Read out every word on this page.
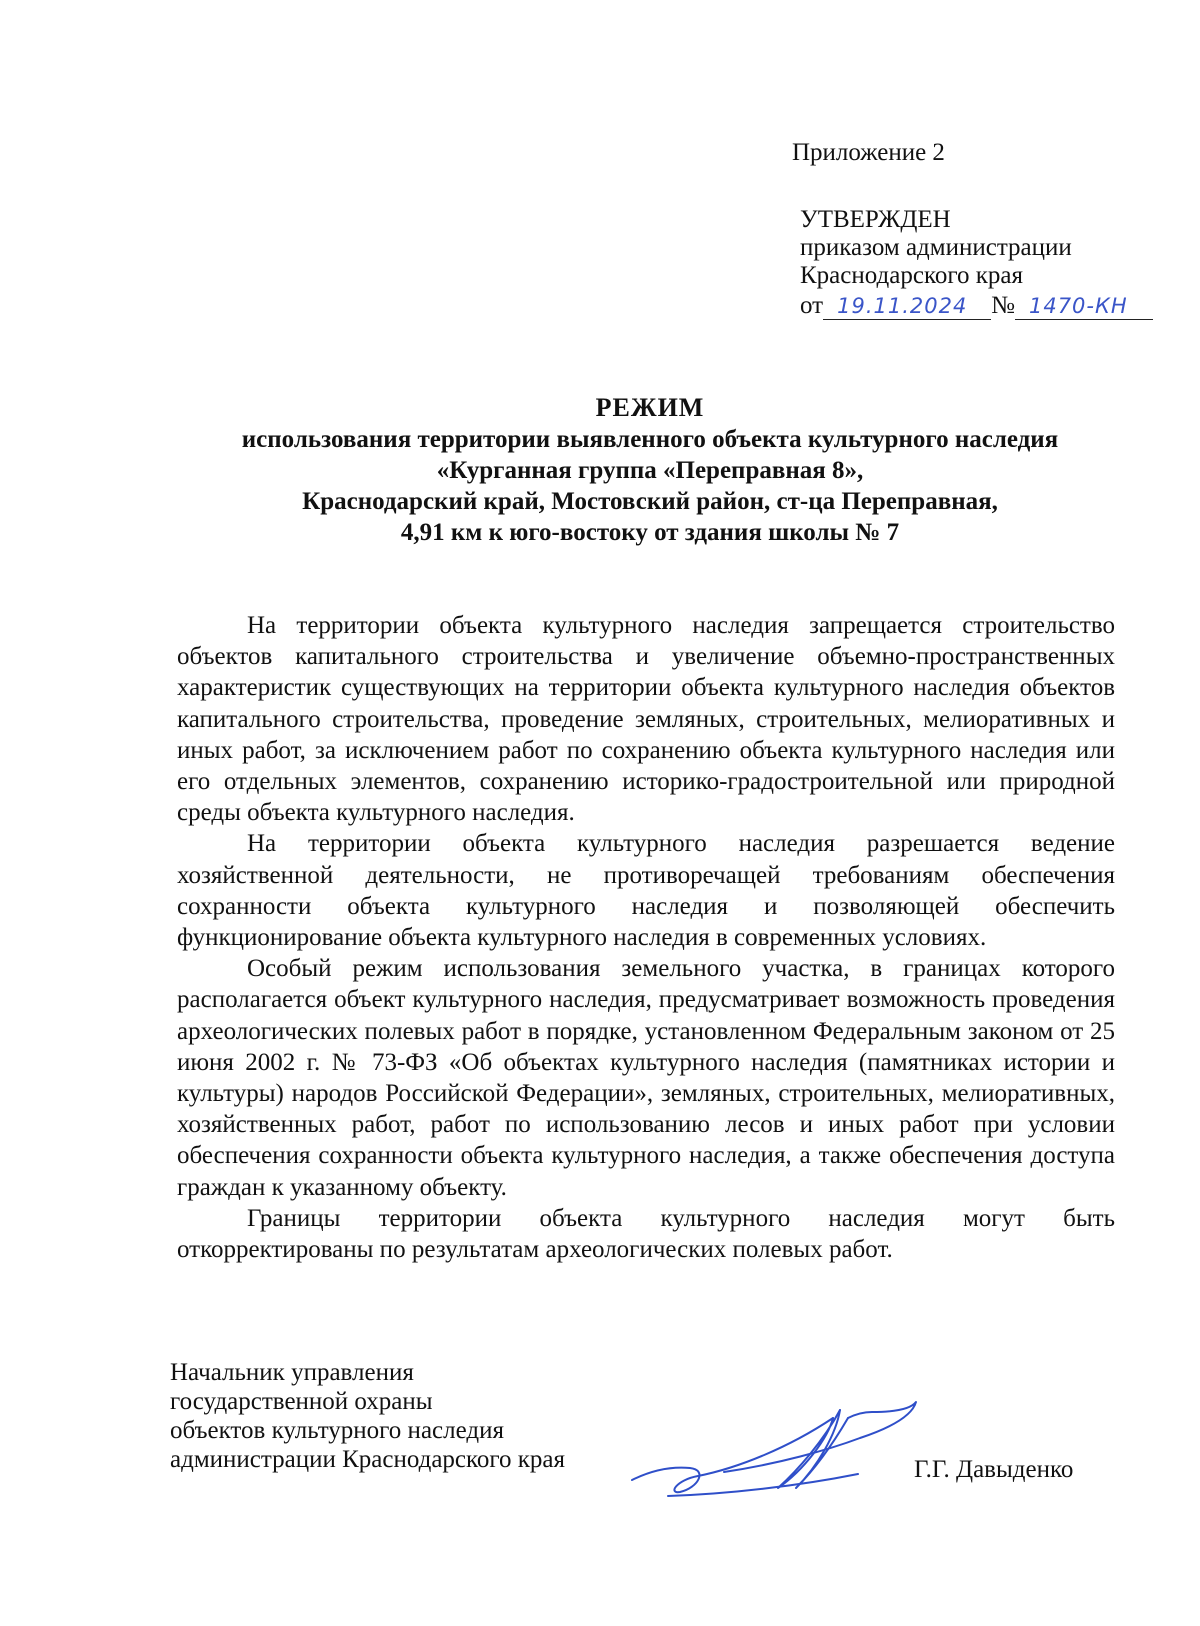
Приложение 2
УТВЕРЖДЕН
приказом администрации
Краснодарского края
от 19.11.2024 № 1470-КН
РЕЖИМ
использования территории выявленного объекта культурного наследия
«Курганная группа «Переправная 8»,
Краснодарский край, Мостовский район, ст-ца Переправная,
4,91 км к юго-востоку от здания школы № 7

На территории объекта культурного наследия запрещается строительство объектов капитального строительства и увеличение объемно-пространственных характеристик существующих на территории объекта культурного наследия объектов капитального строительства, проведение земляных, строительных, мелиоративных и иных работ, за исключением работ по сохранению объекта культурного наследия или его отдельных элементов, сохранению историко-градостроительной или природной среды объекта культурного наследия.

На территории объекта культурного наследия разрешается ведение хозяйственной деятельности, не противоречащей требованиям обеспечения сохранности объекта культурного наследия и позволяющей обеспечить функционирование объекта культурного наследия в современных условиях.

Особый режим использования земельного участка, в границах которого располагается объект культурного наследия, предусматривает возможность проведения археологических полевых работ в порядке, установленном Федеральным законом от 25 июня 2002 г. № 73-ФЗ «Об объектах культурного наследия (памятниках истории и культуры) народов Российской Федерации», земляных, строительных, мелиоративных, хозяйственных работ, работ по использованию лесов и иных работ при условии обеспечения сохранности объекта культурного наследия, а также обеспечения доступа граждан к указанному объекту.

Границы территории объекта культурного наследия могут быть откорректированы по результатам археологических полевых работ.

Начальник управления
государственной охраны
объектов культурного наследия
администрации Краснодарского края	Г.Г. Давыденко
